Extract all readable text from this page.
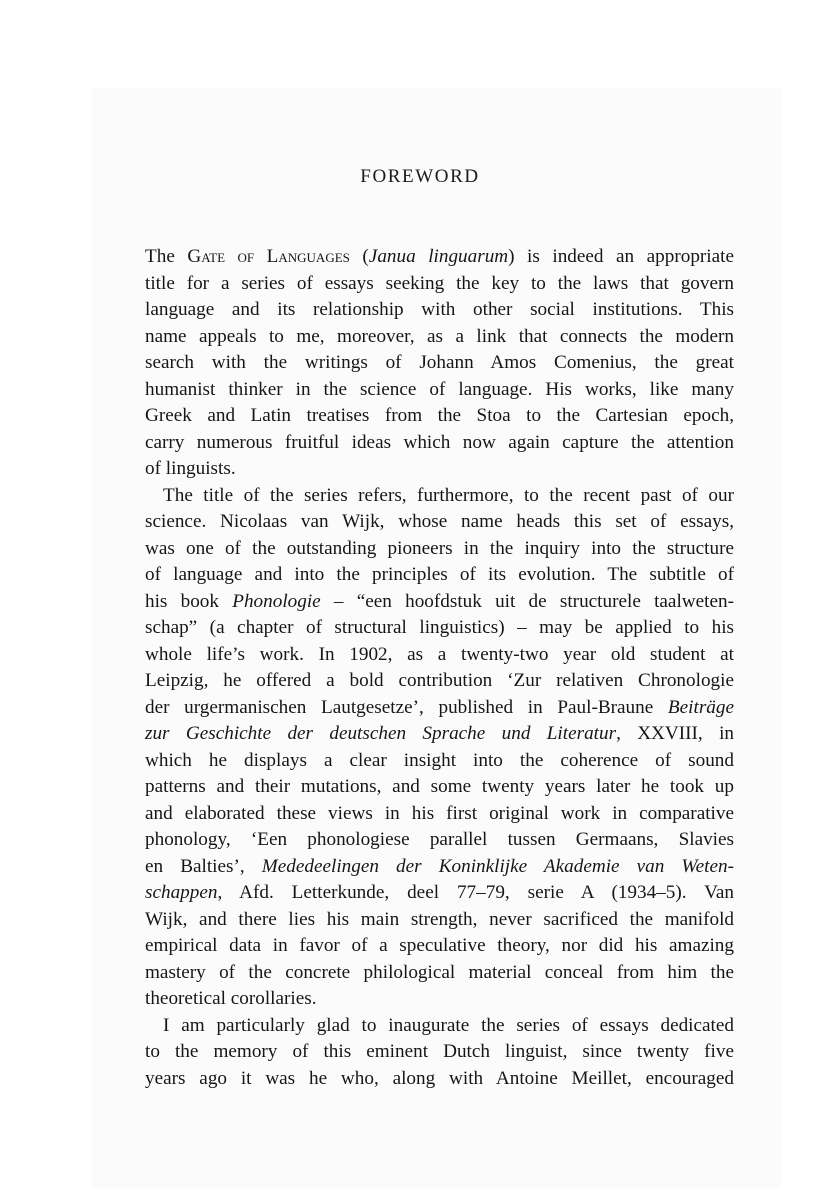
FOREWORD
The Gate of Languages (Janua linguarum) is indeed an appropriate
title for a series of essays seeking the key to the laws that govern
language and its relationship with other social institutions. This
name appeals to me, moreover, as a link that connects the modern
search with the writings of Johann Amos Comenius, the great
humanist thinker in the science of language. His works, like many
Greek and Latin treatises from the Stoa to the Cartesian epoch,
carry numerous fruitful ideas which now again capture the attention
of linguists.
The title of the series refers, furthermore, to the recent past of our
science. Nicolaas van Wijk, whose name heads this set of essays,
was one of the outstanding pioneers in the inquiry into the structure
of language and into the principles of its evolution. The subtitle of
his book Phonologie – “een hoofdstuk uit de structurele taalweten-
schap” (a chapter of structural linguistics) – may be applied to his
whole life’s work. In 1902, as a twenty-two year old student at
Leipzig, he offered a bold contribution ‘Zur relativen Chronologie
der urgermanischen Lautgesetze’, published in Paul-Braune Beiträge
zur Geschichte der deutschen Sprache und Literatur, XXVIII, in
which he displays a clear insight into the coherence of sound
patterns and their mutations, and some twenty years later he took up
and elaborated these views in his first original work in comparative
phonology, ‘Een phonologiese parallel tussen Germaans, Slavies
en Balties’, Mededeelingen der Koninklijke Akademie van Weten-
schappen, Afd. Letterkunde, deel 77–79, serie A (1934–5). Van
Wijk, and there lies his main strength, never sacrificed the manifold
empirical data in favor of a speculative theory, nor did his amazing
mastery of the concrete philological material conceal from him the
theoretical corollaries.
I am particularly glad to inaugurate the series of essays dedicated
to the memory of this eminent Dutch linguist, since twenty five
years ago it was he who, along with Antoine Meillet, encouraged
